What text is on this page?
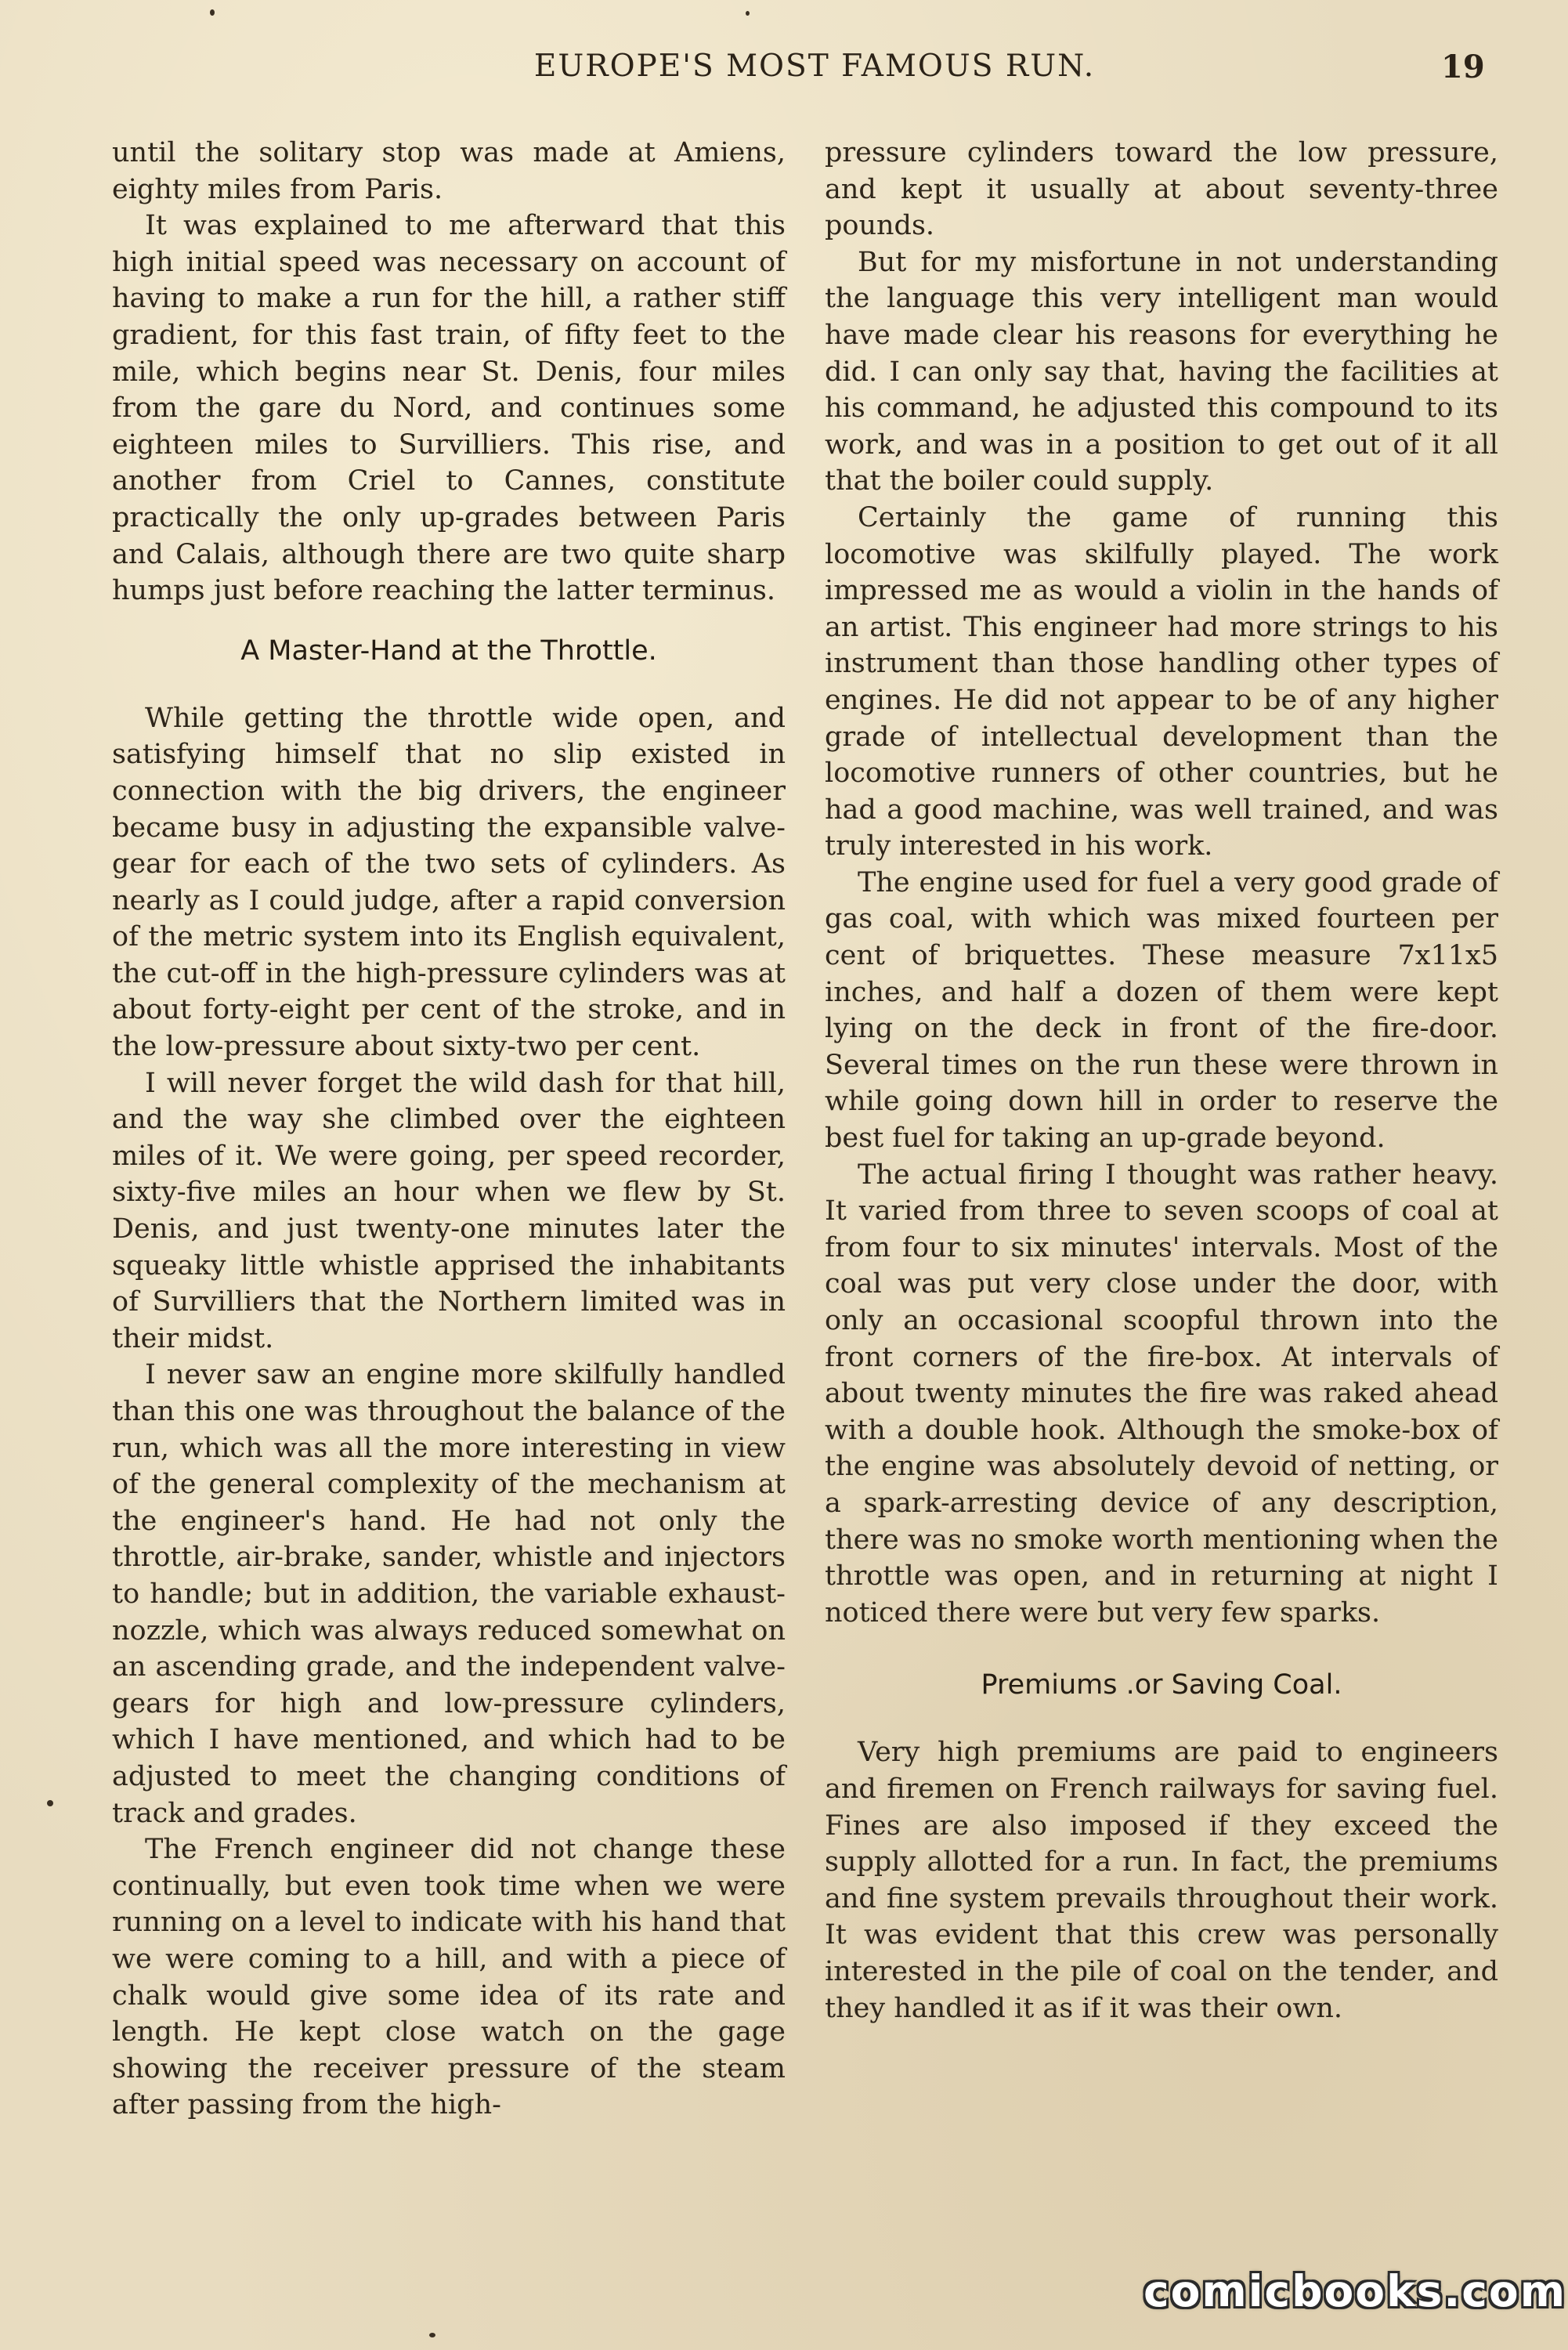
EUROPE'S MOST FAMOUS RUN.	19

until the solitary stop was made at Amiens, eighty miles from Paris.

It was explained to me afterward that this high initial speed was necessary on account of having to make a run for the hill, a rather stiff gradient, for this fast train, of fifty feet to the mile, which begins near St. Denis, four miles from the gare du Nord, and continues some eighteen miles to Survilliers. This rise, and another from Criel to Cannes, constitute practically the only up-grades between Paris and Calais, although there are two quite sharp humps just before reaching the latter terminus.

A Master-Hand at the Throttle.

While getting the throttle wide open, and satisfying himself that no slip existed in connection with the big drivers, the engineer became busy in adjusting the expansible valve-gear for each of the two sets of cylinders. As nearly as I could judge, after a rapid conversion of the metric system into its English equivalent, the cut-off in the high-pressure cylinders was at about forty-eight per cent of the stroke, and in the low-pressure about sixty-two per cent.

I will never forget the wild dash for that hill, and the way she climbed over the eighteen miles of it. We were going, per speed recorder, sixty-five miles an hour when we flew by St. Denis, and just twenty-one minutes later the squeaky little whistle apprised the inhabitants of Survilliers that the Northern limited was in their midst.

I never saw an engine more skilfully handled than this one was throughout the balance of the run, which was all the more interesting in view of the general complexity of the mechanism at the engineer's hand. He had not only the throttle, air-brake, sander, whistle and injectors to handle; but in addition, the variable exhaust-nozzle, which was always reduced somewhat on an ascending grade, and the independent valve-gears for high and low-pressure cylinders, which I have mentioned, and which had to be adjusted to meet the changing conditions of track and grades.

The French engineer did not change these continually, but even took time when we were running on a level to indicate with his hand that we were coming to a hill, and with a piece of chalk would give some idea of its rate and length. He kept close watch on the gage showing the receiver pressure of the steam after passing from the high-

pressure cylinders toward the low pressure, and kept it usually at about seventy-three pounds.

But for my misfortune in not understanding the language this very intelligent man would have made clear his reasons for everything he did. I can only say that, having the facilities at his command, he adjusted this compound to its work, and was in a position to get out of it all that the boiler could supply.

Certainly the game of running this locomotive was skilfully played. The work impressed me as would a violin in the hands of an artist. This engineer had more strings to his instrument than those handling other types of engines. He did not appear to be of any higher grade of intellectual development than the locomotive runners of other countries, but he had a good machine, was well trained, and was truly interested in his work.

The engine used for fuel a very good grade of gas coal, with which was mixed fourteen per cent of briquettes. These measure 7x11x5 inches, and half a dozen of them were kept lying on the deck in front of the fire-door. Several times on the run these were thrown in while going down hill in order to reserve the best fuel for taking an up-grade beyond.

The actual firing I thought was rather heavy. It varied from three to seven scoops of coal at from four to six minutes' intervals. Most of the coal was put very close under the door, with only an occasional scoopful thrown into the front corners of the fire-box. At intervals of about twenty minutes the fire was raked ahead with a double hook. Although the smoke-box of the engine was absolutely devoid of netting, or a spark-arresting device of any description, there was no smoke worth mentioning when the throttle was open, and in returning at night I noticed there were but very few sparks.

Premiums .or Saving Coal.

Very high premiums are paid to engineers and firemen on French railways for saving fuel. Fines are also imposed if they exceed the supply allotted for a run. In fact, the premiums and fine system prevails throughout their work. It was evident that this crew was personally interested in the pile of coal on the tender, and they handled it as if it was their own.

comicbooks.com
